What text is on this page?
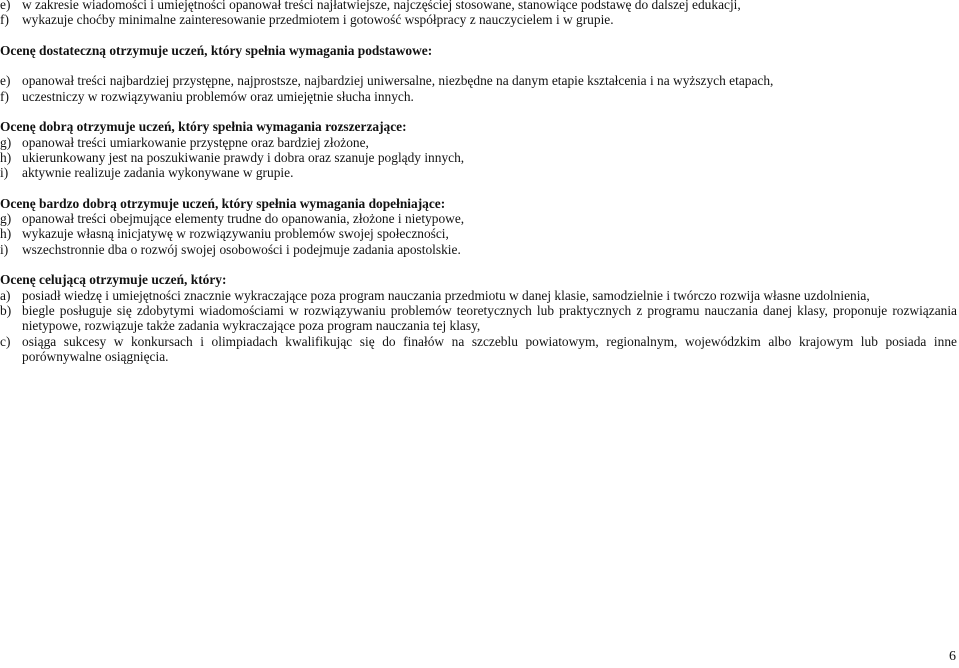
e) w zakresie wiadomości i umiejętności opanował treści najłatwiejsze, najczęściej stosowane, stanowiące podstawę do dalszej edukacji,
f) wykazuje choćby minimalne zainteresowanie przedmiotem i gotowość współpracy z nauczycielem i w grupie.
Ocenę dostateczną otrzymuje uczeń, który spełnia wymagania podstawowe:
e) opanował treści najbardziej przystępne, najprostsze, najbardziej uniwersalne, niezbędne na danym etapie kształcenia i na wyższych etapach,
f) uczestniczy w rozwiązywaniu problemów oraz umiejętnie słucha innych.
Ocenę dobrą otrzymuje uczeń, który spełnia wymagania rozszerzające:
g) opanował treści umiarkowanie przystępne oraz bardziej złożone,
h) ukierunkowany jest na poszukiwanie prawdy i dobra oraz szanuje poglądy innych,
i) aktywnie realizuje zadania wykonywane w grupie.
Ocenę bardzo dobrą otrzymuje uczeń, który spełnia wymagania dopełniające:
g) opanował treści obejmujące elementy trudne do opanowania, złożone i nietypowe,
h) wykazuje własną inicjatywę w rozwiązywaniu problemów swojej społeczności,
i) wszechstronnie dba o rozwój swojej osobowości i podejmuje zadania apostolskie.
Ocenę celującą otrzymuje uczeń, który:
a) posiadł wiedzę i umiejętności znacznie wykraczające poza program nauczania przedmiotu w danej klasie, samodzielnie i twórczo rozwija własne uzdolnienia,
b) biegle posługuje się zdobytymi wiadomościami w rozwiązywaniu problemów teoretycznych lub praktycznych z programu nauczania danej klasy, proponuje rozwiązania nietypowe, rozwiązuje także zadania wykraczające poza program nauczania tej klasy,
c) osiąga sukcesy w konkursach i olimpiadach kwalifikując się do finałów na szczeblu powiatowym, regionalnym, wojewódzkim albo krajowym lub posiada inne porównywalne osiągnięcia.
6
